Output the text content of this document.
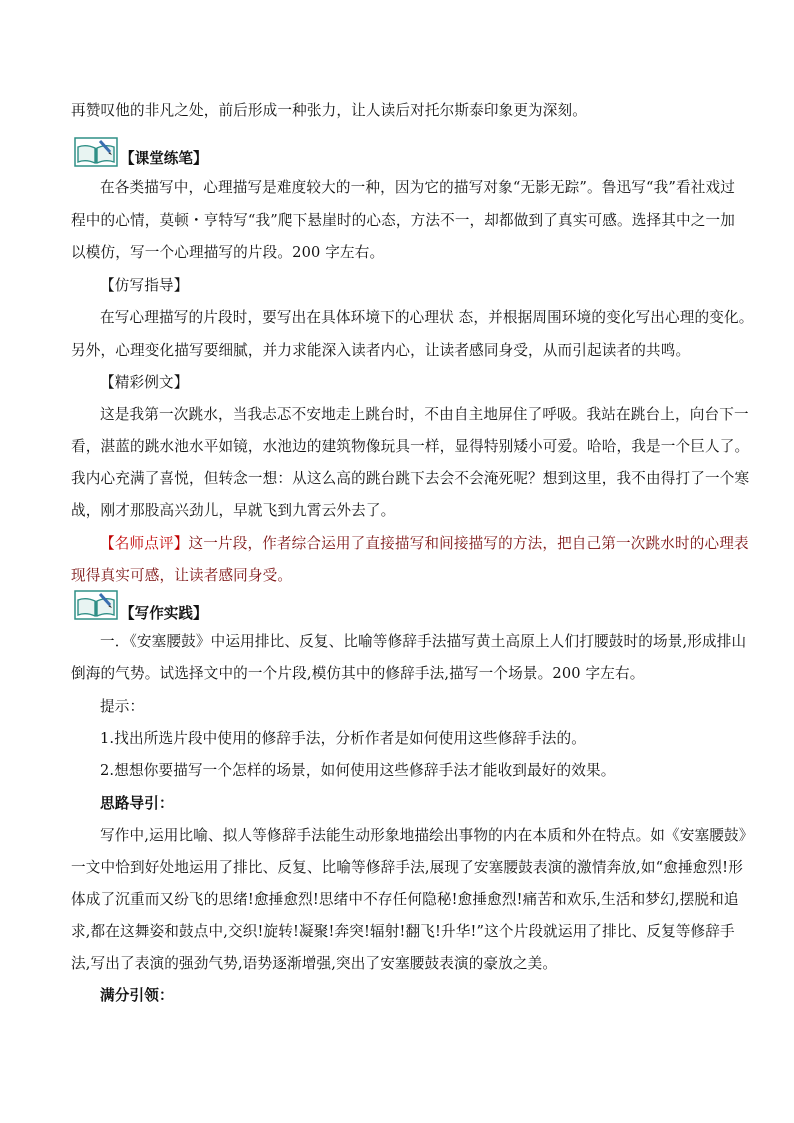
再赞叹他的非凡之处，前后形成一种张力，让人读后对托尔斯泰印象更为深刻。
【课堂练笔】
在各类描写中，心理描写是难度较大的一种，因为它的描写对象“无影无踪”。鲁迅写“我”看社戏过
程中的心情，莫顿・亨特写“我”爬下悬崖时的心态，方法不一，却都做到了真实可感。选择其中之一加
以模仿，写一个心理描写的片段。200 字左右。
【仿写指导】
在写心理描写的片段时，要写出在具体环境下的心理状 态，并根据周围环境的变化写出心理的变化。
另外，心理变化描写要细腻，并力求能深入读者内心，让读者感同身受，从而引起读者的共鸣。
【精彩例文】
这是我第一次跳水，当我忐忑不安地走上跳台时，不由自主地屏住了呼吸。我站在跳台上，向台下一
看，湛蓝的跳水池水平如镜，水池边的建筑物像玩具一样，显得特别矮小可爱。哈哈，我是一个巨人了。
我内心充满了喜悦，但转念一想：从这么高的跳台跳下去会不会淹死呢？想到这里，我不由得打了一个寒
战，刚才那股高兴劲儿，早就飞到九霄云外去了。
【名师点评】这一片段，作者综合运用了直接描写和间接描写的方法，把自己第一次跳水时的心理表
现得真实可感，让读者感同身受。
【写作实践】
一．《安塞腰鼓》中运用排比、反复、比喻等修辞手法描写黄土高原上人们打腰鼓时的场景,形成排山
倒海的气势。试选择文中的一个片段,模仿其中的修辞手法,描写一个场景。200 字左右。
提示：
1.找出所选片段中使用的修辞手法，分析作者是如何使用这些修辞手法的。
2.想想你要描写一个怎样的场景，如何使用这些修辞手法才能收到最好的效果。
思路导引：
写作中,运用比喻、拟人等修辞手法能生动形象地描绘出事物的内在本质和外在特点。如《安塞腰鼓》
一文中恰到好处地运用了排比、反复、比喻等修辞手法,展现了安塞腰鼓表演的激情奔放,如“愈捶愈烈!形
体成了沉重而又纷飞的思绪!愈捶愈烈!思绪中不存任何隐秘!愈捶愈烈!痛苦和欢乐,生活和梦幻,摆脱和追
求,都在这舞姿和鼓点中,交织!旋转!凝聚!奔突!辐射!翻飞!升华!”这个片段就运用了排比、反复等修辞手
法,写出了表演的强劲气势,语势逐渐增强,突出了安塞腰鼓表演的豪放之美。
满分引领：
